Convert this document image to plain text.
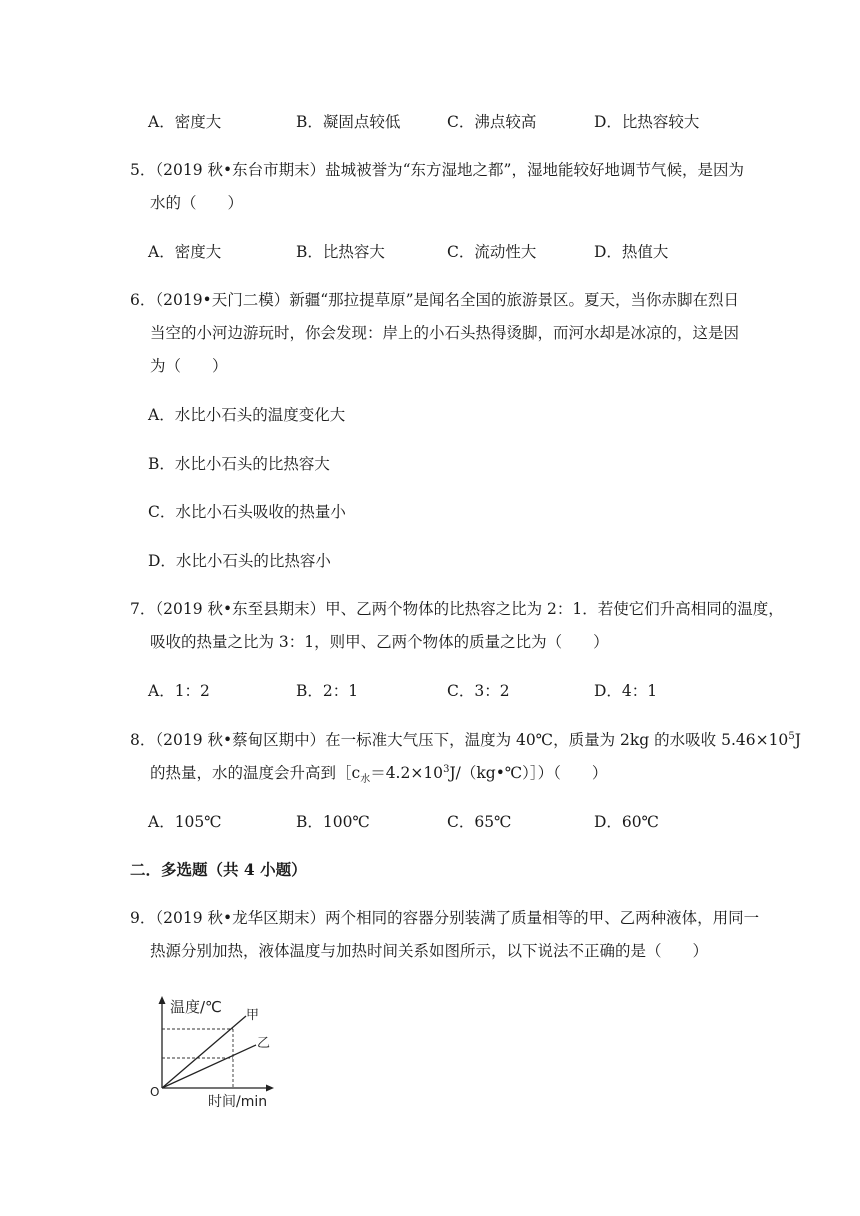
A．密度大	B．凝固点较低	C．沸点较高	D．比热容较大
5．（2019 秋•东台市期末）盐城被誉为“东方湿地之都”，湿地能较好地调节气候，是因为
水的（　　）
A．密度大	B．比热容大	C．流动性大	D．热值大
6．（2019•天门二模）新疆“那拉提草原”是闻名全国的旅游景区。夏天，当你赤脚在烈日
当空的小河边游玩时，你会发现：岸上的小石头热得烫脚，而河水却是冰凉的，这是因
为（　　）
A．水比小石头的温度变化大
B．水比小石头的比热容大
C．水比小石头吸收的热量小
D．水比小石头的比热容小
7．（2019 秋•东至县期末）甲、乙两个物体的比热容之比为 2：1．若使它们升高相同的温度，
吸收的热量之比为 3：1，则甲、乙两个物体的质量之比为（　　）
A．1：2	B．2：1	C．3：2	D．4：1
8．（2019 秋•蔡甸区期中）在一标准大气压下，温度为 40℃，质量为 2kg 的水吸收 $5.46\times 10^5J$
的热量，水的温度会升高到$[c_水=4.2\times 10^3J/(kg•℃)]$）（　　）
A．105℃	B．100℃	C．65℃	D．60℃
二．多选题（共 4 小题）
9．（2019 秋•龙华区期末）两个相同的容器分别装满了质量相等的甲、乙两种液体，用同一
热源分别加热，液体温度与加热时间关系如图所示，以下说法不正确的是（　　）
温度/℃ 甲
乙
O
时间/min
